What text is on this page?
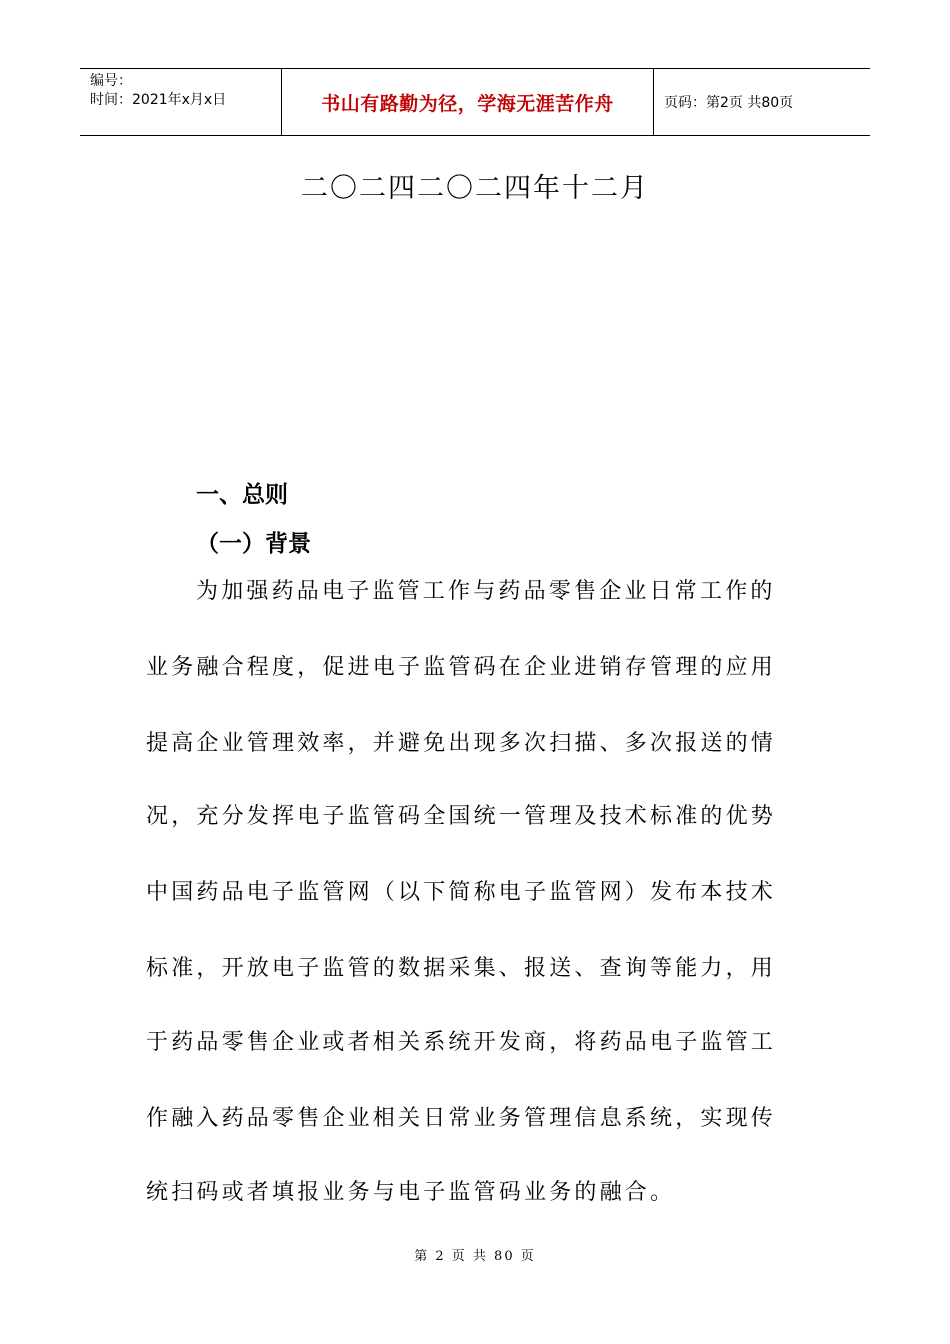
编号：
时间：2021年x月x日	书山有路勤为径，学海无涯苦作舟	页码：第2页 共80页
二〇二四二〇二四年十二月
一、总则
（一）背景
为加强药品电子监管工作与药品零售企业日常工作的
业务融合程度，促进电子监管码在企业进销存管理的应用
提高企业管理效率，并避免出现多次扫描、多次报送的情
况，充分发挥电子监管码全国统一管理及技术标准的优势
中国药品电子监管网（以下简称电子监管网）发布本技术
标准，开放电子监管的数据采集、报送、查询等能力，用
于药品零售企业或者相关系统开发商，将药品电子监管工
作融入药品零售企业相关日常业务管理信息系统，实现传
统扫码或者填报业务与电子监管码业务的融合。
第 2 页 共 80 页
